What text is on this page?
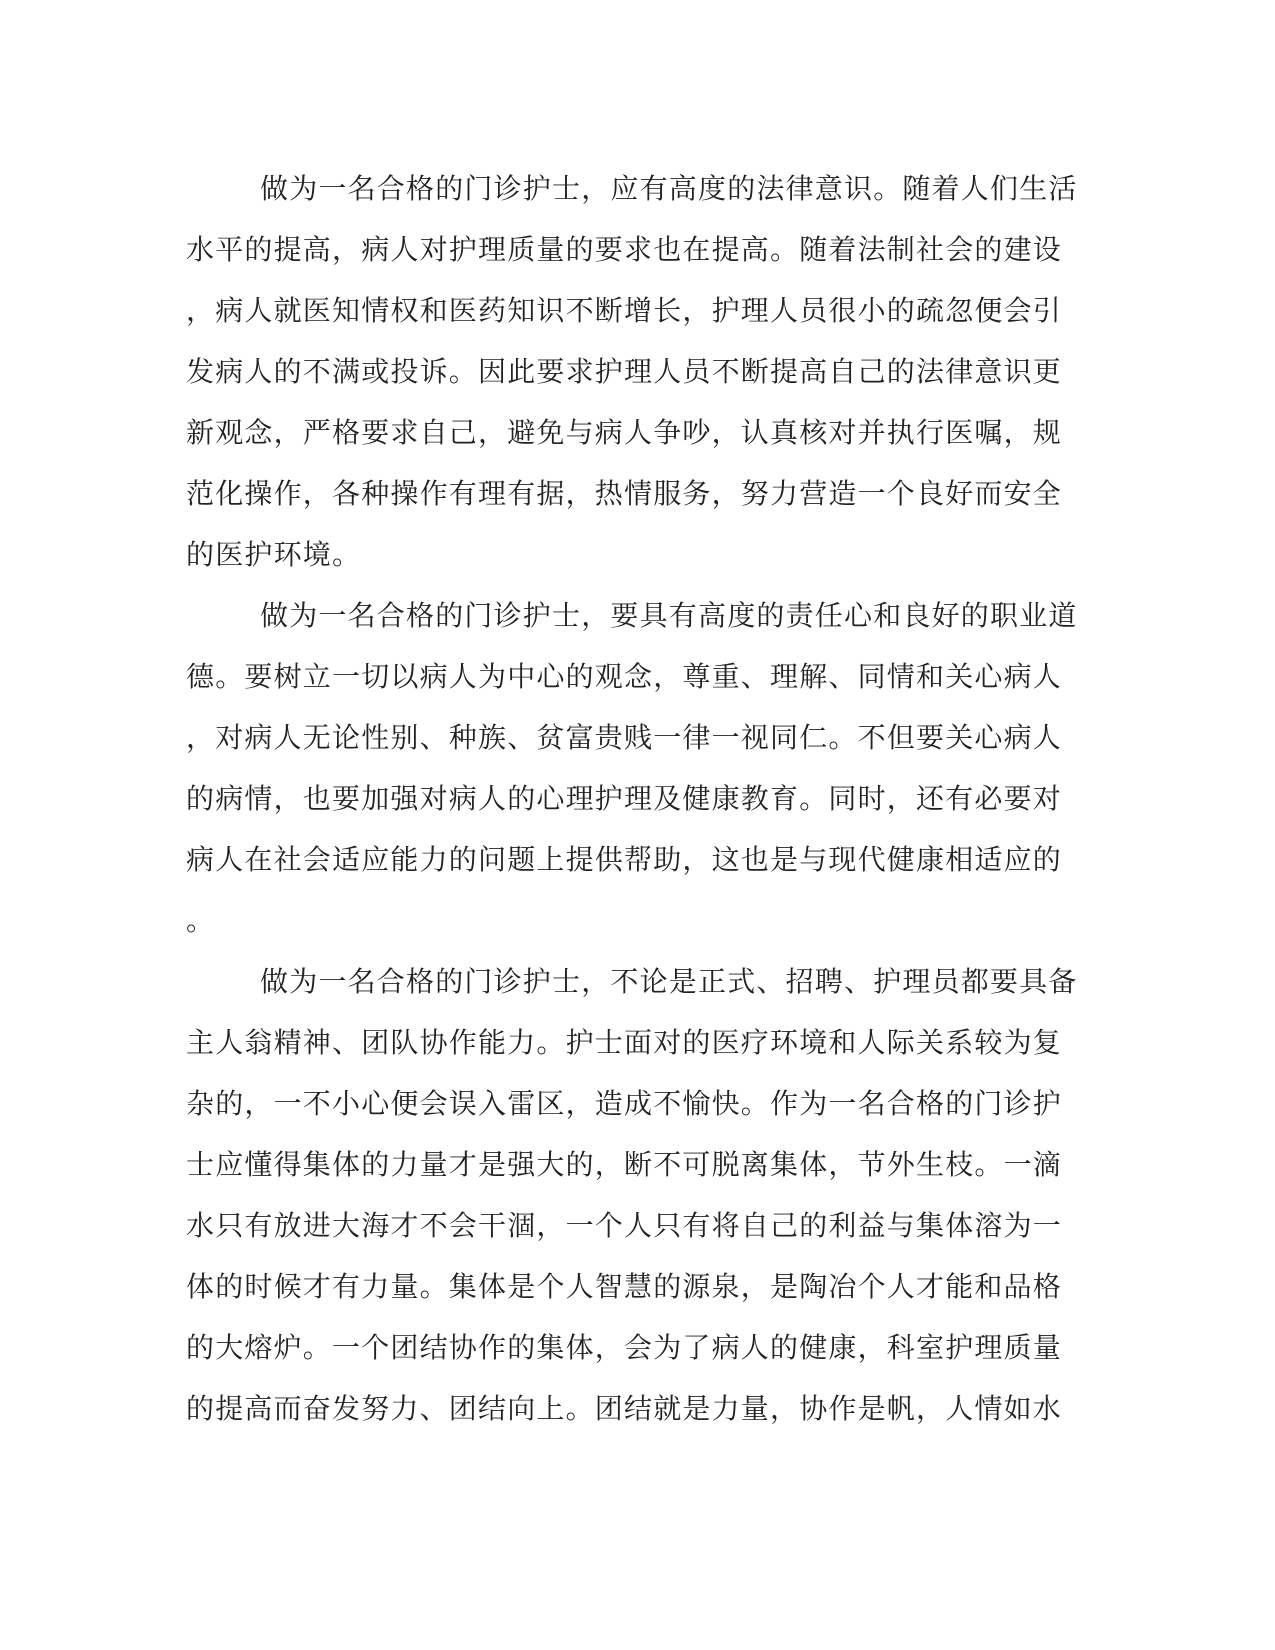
做为一名合格的门诊护士，应有高度的法律意识。随着人们生活
水平的提高，病人对护理质量的要求也在提高。随着法制社会的建设
，病人就医知情权和医药知识不断增长，护理人员很小的疏忽便会引
发病人的不满或投诉。因此要求护理人员不断提高自己的法律意识更
新观念，严格要求自己，避免与病人争吵，认真核对并执行医嘱，规
范化操作，各种操作有理有据，热情服务，努力营造一个良好而安全
的医护环境。
做为一名合格的门诊护士，要具有高度的责任心和良好的职业道
德。要树立一切以病人为中心的观念，尊重、理解、同情和关心病人
，对病人无论性别、种族、贫富贵贱一律一视同仁。不但要关心病人
的病情，也要加强对病人的心理护理及健康教育。同时，还有必要对
病人在社会适应能力的问题上提供帮助，这也是与现代健康相适应的
。
做为一名合格的门诊护士，不论是正式、招聘、护理员都要具备
主人翁精神、团队协作能力。护士面对的医疗环境和人际关系较为复
杂的，一不小心便会误入雷区，造成不愉快。作为一名合格的门诊护
士应懂得集体的力量才是强大的，断不可脱离集体，节外生枝。一滴
水只有放进大海才不会干涸，一个人只有将自己的利益与集体溶为一
体的时候才有力量。集体是个人智慧的源泉，是陶冶个人才能和品格
的大熔炉。一个团结协作的集体，会为了病人的健康，科室护理质量
的提高而奋发努力、团结向上。团结就是力量，协作是帆，人情如水
